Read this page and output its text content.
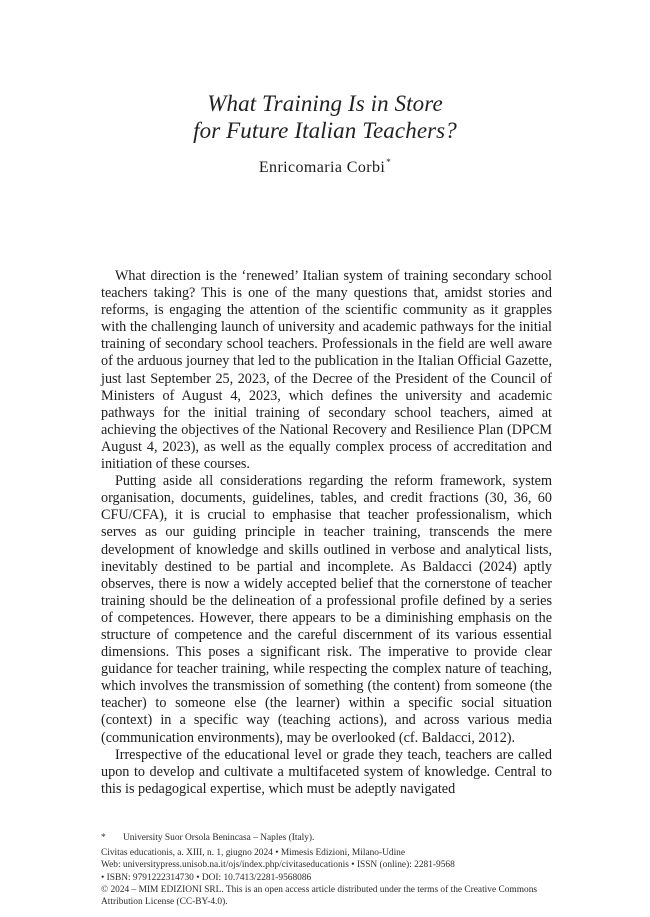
What Training Is in Store
for Future Italian Teachers?
Enricomaria Corbi*

What direction is the ‘renewed’ Italian system of training secondary school teachers taking? This is one of the many questions that, amidst stories and reforms, is engaging the attention of the scientific community as it grapples with the challenging launch of university and academic pathways for the initial training of secondary school teachers. Professionals in the field are well aware of the arduous journey that led to the publication in the Italian Official Gazette, just last September 25, 2023, of the Decree of the President of the Council of Ministers of August 4, 2023, which defines the university and academic pathways for the initial training of secondary school teachers, aimed at achieving the objectives of the National Recovery and Resilience Plan (DPCM August 4, 2023), as well as the equally complex process of accreditation and initiation of these courses.

Putting aside all considerations regarding the reform framework, system organisation, documents, guidelines, tables, and credit fractions (30, 36, 60 CFU/CFA), it is crucial to emphasise that teacher professionalism, which serves as our guiding principle in teacher training, transcends the mere development of knowledge and skills outlined in verbose and analytical lists, inevitably destined to be partial and incomplete. As Baldacci (2024) aptly observes, there is now a widely accepted belief that the cornerstone of teacher training should be the delineation of a professional profile defined by a series of competences. However, there appears to be a diminishing emphasis on the structure of competence and the careful discernment of its various essential dimensions. This poses a significant risk. The imperative to provide clear guidance for teacher training, while respecting the complex nature of teaching, which involves the transmission of something (the content) from someone (the teacher) to someone else (the learner) within a specific social situation (context) in a specific way (teaching actions), and across various media (communication environments), may be overlooked (cf. Baldacci, 2012).

Irrespective of the educational level or grade they teach, teachers are called upon to develop and cultivate a multifaceted system of knowledge. Central to this is pedagogical expertise, which must be adeptly navigated

*	University Suor Orsola Benincasa – Naples (Italy).

Civitas educationis, a. XIII, n. 1, giugno 2024 • Mimesis Edizioni, Milano-Udine

Web: universitypress.unisob.na.it/ojs/index.php/civitaseducationis • ISSN (online): 2281-9568

• ISBN: 9791222314730 • DOI: 10.7413/2281-9568086

© 2024 – MIM EDIZIONI SRL. This is an open access article distributed under the terms of the Creative Commons Attribution License (CC-BY-4.0).
